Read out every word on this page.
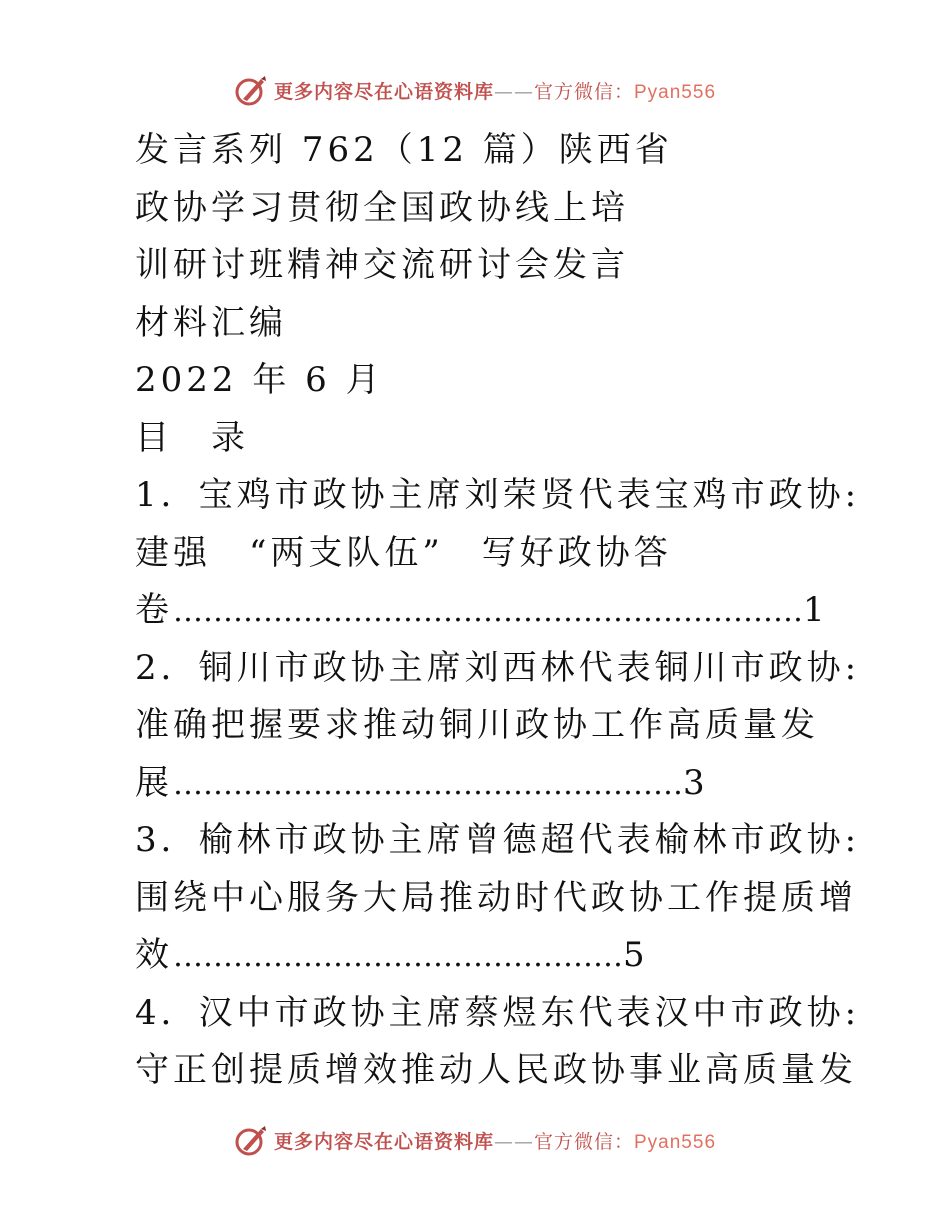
更多内容尽在心语资料库——官方微信：Pyan556
发言系列 762（12 篇）陕西省
政协学习贯彻全国政协线上培
训研讨班精神交流研讨会发言
材料汇编
2022 年 6 月
目　录
1．宝鸡市政协主席刘荣贤代表宝鸡市政协:
建强　“两支队伍”　写好政协答
卷………………………………………………………1
2．铜川市政协主席刘西林代表铜川市政协:
准确把握要求推动铜川政协工作高质量发
展……………………………………………3
3．榆林市政协主席曾德超代表榆林市政协:
围绕中心服务大局推动时代政协工作提质增
效………………………………………5
4．汉中市政协主席蔡煜东代表汉中市政协:
守正创提质增效推动人民政协事业高质量发
更多内容尽在心语资料库——官方微信：Pyan556
